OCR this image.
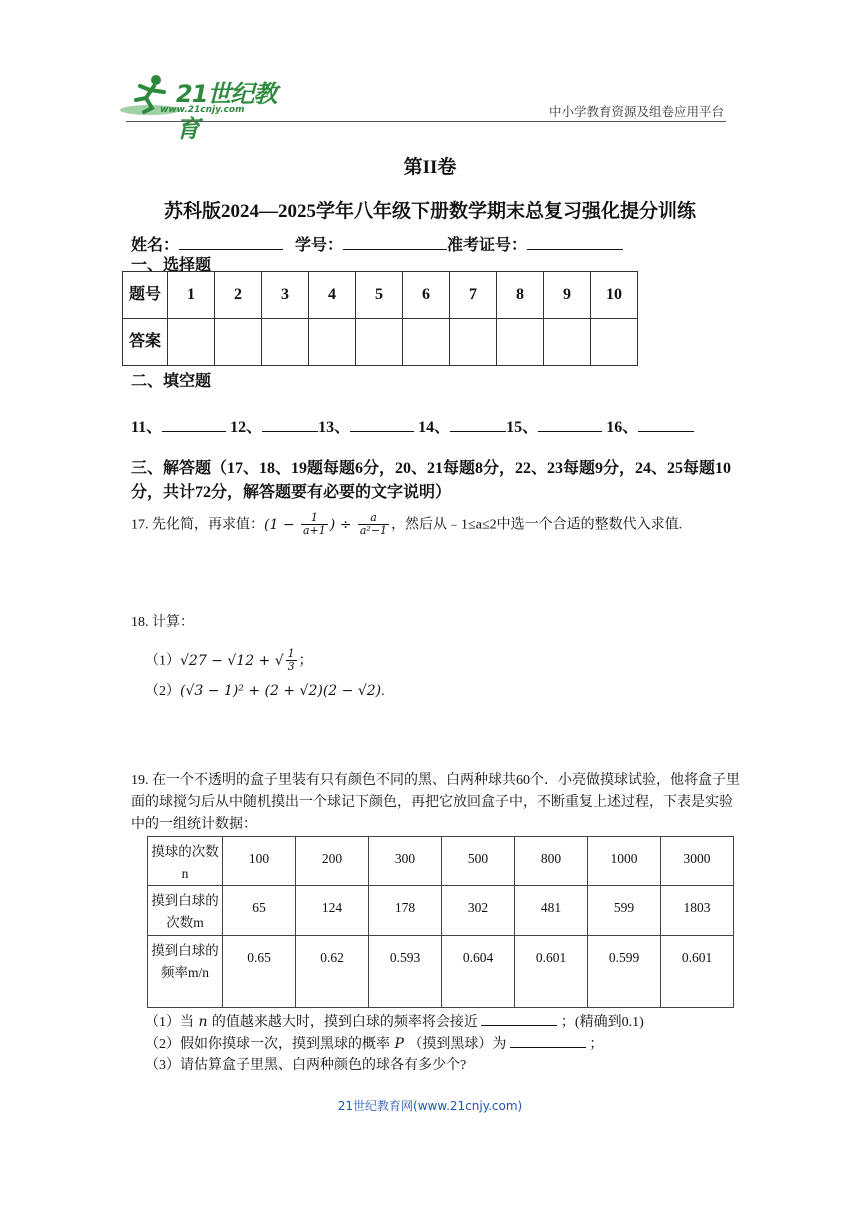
21世纪教育
www.21cnjy.com	中小学教育资源及组卷应用平台
第II卷
苏科版2024—2025学年八年级下册数学期末总复习强化提分训练
姓名：	学号：	准考证号：
一、选择题
题号	1	2	3	4	5	6	7	8	9	10
答案										
二、填空题
11、	12、	13、	14、	15、	16、
三、解答题（17、18、19题每题6分，20、21每题8分，22、23每题9分，24、25每题10分，共计72分，解答题要有必要的文字说明）
17. 先化简，再求值：($1 - \frac{1}{a+1}$ ) ÷ $\frac{a}{\text{a²−1}}$ ，然后从﹣1≤a≤2中选一个合适的整数代入求值.
18. 计算：
（1）√27 − √12 + √ $\frac{1}{3}$ ；
（2）(√3 − 1)² + (2 + √2)(2 − √2).
19. 在一个不透明的盒子里装有只有颜色不同的黑、白两种球共60个．小亮做摸球试验，他将盒子里面的球搅匀后从中随机摸出一个球记下颜色，再把它放回盒子中，不断重复上述过程，下表是实验中的一组统计数据：
摸球的次数n	100	200	300	500	800	1000	3000
摸到白球的次数m	65	124	178	302	481	599	1803
摸到白球的频率m/n	0.65	0.62	0.593	0.604	0.601	0.599	0.601
（1）当 n 的值越来越大时，摸到白球的频率将会接近	；(精确到0.1)
（2）假如你摸球一次，摸到黑球的概率 P （摸到黑球）为	；
（3）请估算盒子里黑、白两种颜色的球各有多少个?
21世纪教育网(www.21cnjy.com)
